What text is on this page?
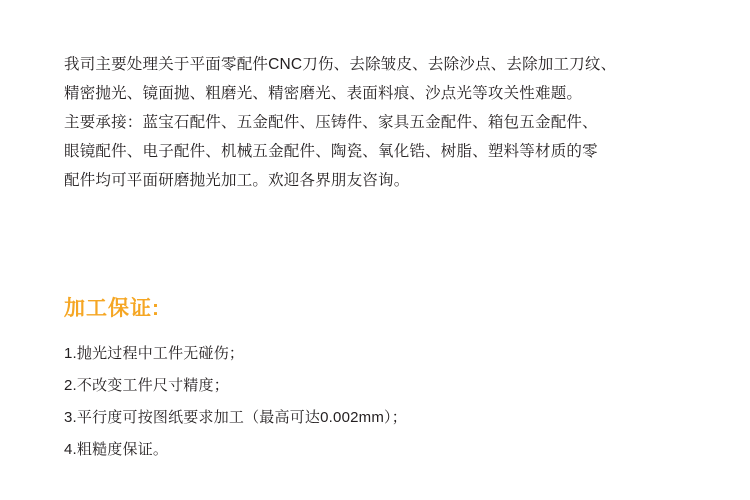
我司主要处理关于平面零配件CNC刀伤、去除皱皮、去除沙点、去除加工刀纹、

精密抛光、镜面抛、粗磨光、精密磨光、表面料痕、沙点光等攻关性难题。

主要承接：蓝宝石配件、五金配件、压铸件、家具五金配件、箱包五金配件、

眼镜配件、电子配件、机械五金配件、陶瓷、氧化锆、树脂、塑料等材质的零

配件均可平面研磨抛光加工。欢迎各界朋友咨询。

加工保证:
1.抛光过程中工件无碰伤；
2.不改变工件尺寸精度；
3.平行度可按图纸要求加工（最高可达0.002mm）；
4.粗糙度保证。
